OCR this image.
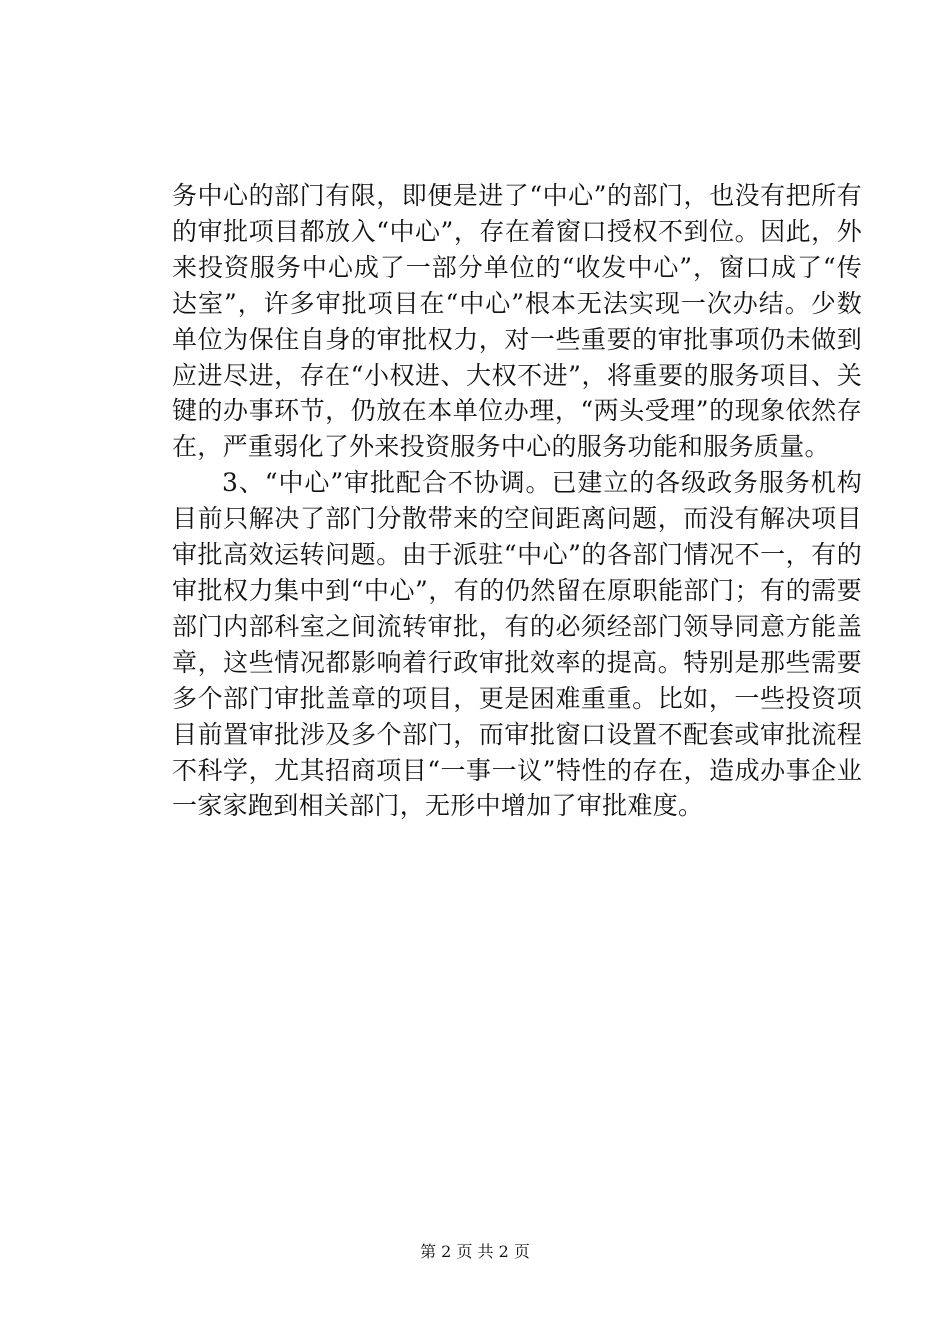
务中心的部门有限，即便是进了“中心”的部门，也没有把所有的审批项目都放入“中心”，存在着窗口授权不到位。因此，外来投资服务中心成了一部分单位的“收发中心”，窗口成了“传达室”，许多审批项目在“中心”根本无法实现一次办结。少数单位为保住自身的审批权力，对一些重要的审批事项仍未做到应进尽进，存在“小权进、大权不进”，将重要的服务项目、关键的办事环节，仍放在本单位办理，“两头受理”的现象依然存在，严重弱化了外来投资服务中心的服务功能和服务质量。

3、“中心”审批配合不协调。已建立的各级政务服务机构目前只解决了部门分散带来的空间距离问题，而没有解决项目审批高效运转问题。由于派驻“中心”的各部门情况不一，有的审批权力集中到“中心”，有的仍然留在原职能部门；有的需要部门内部科室之间流转审批，有的必须经部门领导同意方能盖章，这些情况都影响着行政审批效率的提高。特别是那些需要多个部门审批盖章的项目，更是困难重重。比如，一些投资项目前置审批涉及多个部门，而审批窗口设置不配套或审批流程不科学，尤其招商项目“一事一议”特性的存在，造成办事企业一家家跑到相关部门，无形中增加了审批难度。

第 2 页 共 2 页
